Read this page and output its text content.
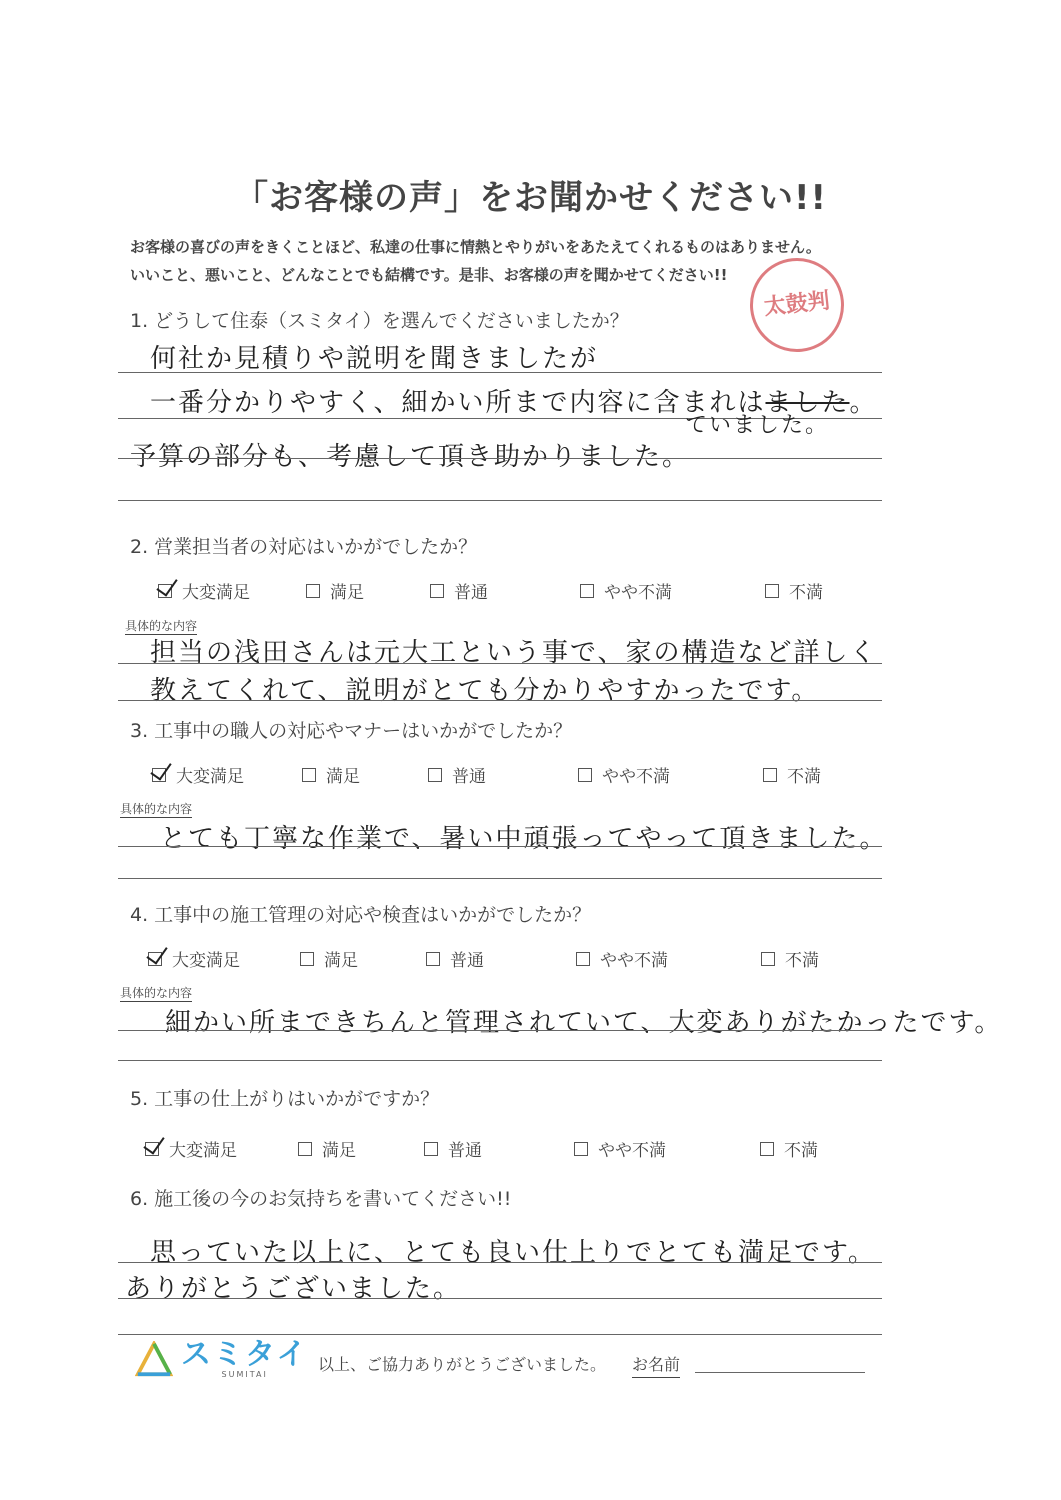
「お客様の声」をお聞かせください!!
お客様の喜びの声をきくことほど、私達の仕事に情熱とやりがいをあたえてくれるものはありません。
いいこと、悪いこと、どんなことでも結構です。是非、お客様の声を聞かせてください!!
太鼓判
1. どうして住泰（スミタイ）を選んでくださいましたか？
何社か見積りや説明を聞きましたが
一番分かりやすく、細かい所まで内容に含まれはました。
ていました。
予算の部分も、考慮して頂き助かりました。
2. 営業担当者の対応はいかがでしたか？
大変満足	満足	普通	やや不満	不満
具体的な内容
担当の浅田さんは元大工という事で、家の構造など詳しく
教えてくれて、説明がとても分かりやすかったです。
3. 工事中の職人の対応やマナーはいかがでしたか？
大変満足	満足	普通	やや不満	不満
具体的な内容
とても丁寧な作業で、暑い中頑張ってやって頂きました。
4. 工事中の施工管理の対応や検査はいかがでしたか？
大変満足	満足	普通	やや不満	不満
具体的な内容
細かい所まできちんと管理されていて、大変ありがたかったです。
5. 工事の仕上がりはいかがですか？
大変満足	満足	普通	やや不満	不満
6. 施工後の今のお気持ちを書いてください!!
思っていた以上に、とても良い仕上りでとても満足です。
ありがとうございました。
スミタイ
SUMITAI
以上、ご協力ありがとうございました。 お名前
